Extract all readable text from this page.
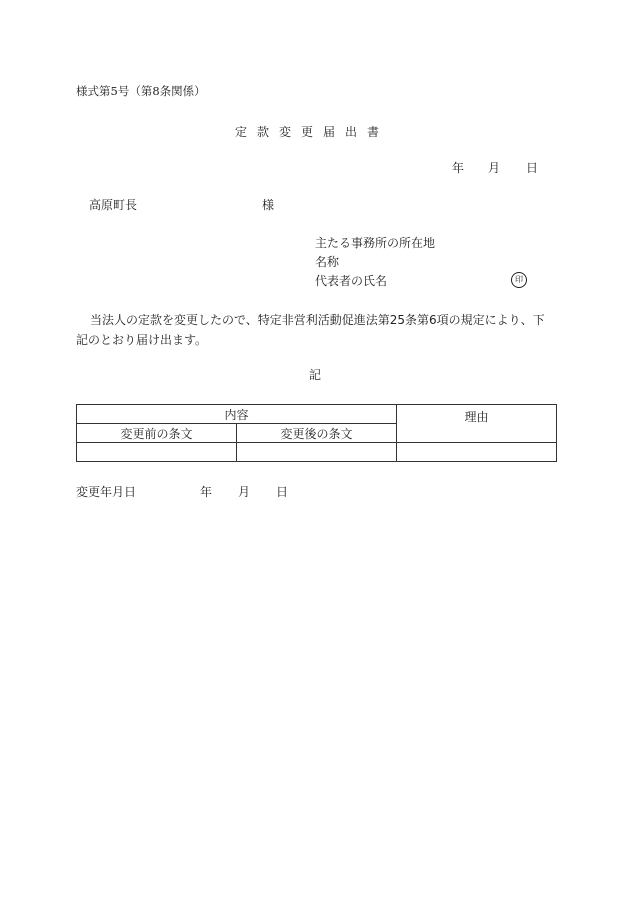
様式第5号（第8条関係）
定款変更届出書
年 月 日
高原町長	様
主たる事務所の所在地
名称
代表者の氏名	印
当法人の定款を変更したので、特定非営利活動促進法第25条第6項の規定により、下記のとおり届け出ます。
記
内容		理由
変更前の条文	変更後の条文	

変更年月日	年 月 日
